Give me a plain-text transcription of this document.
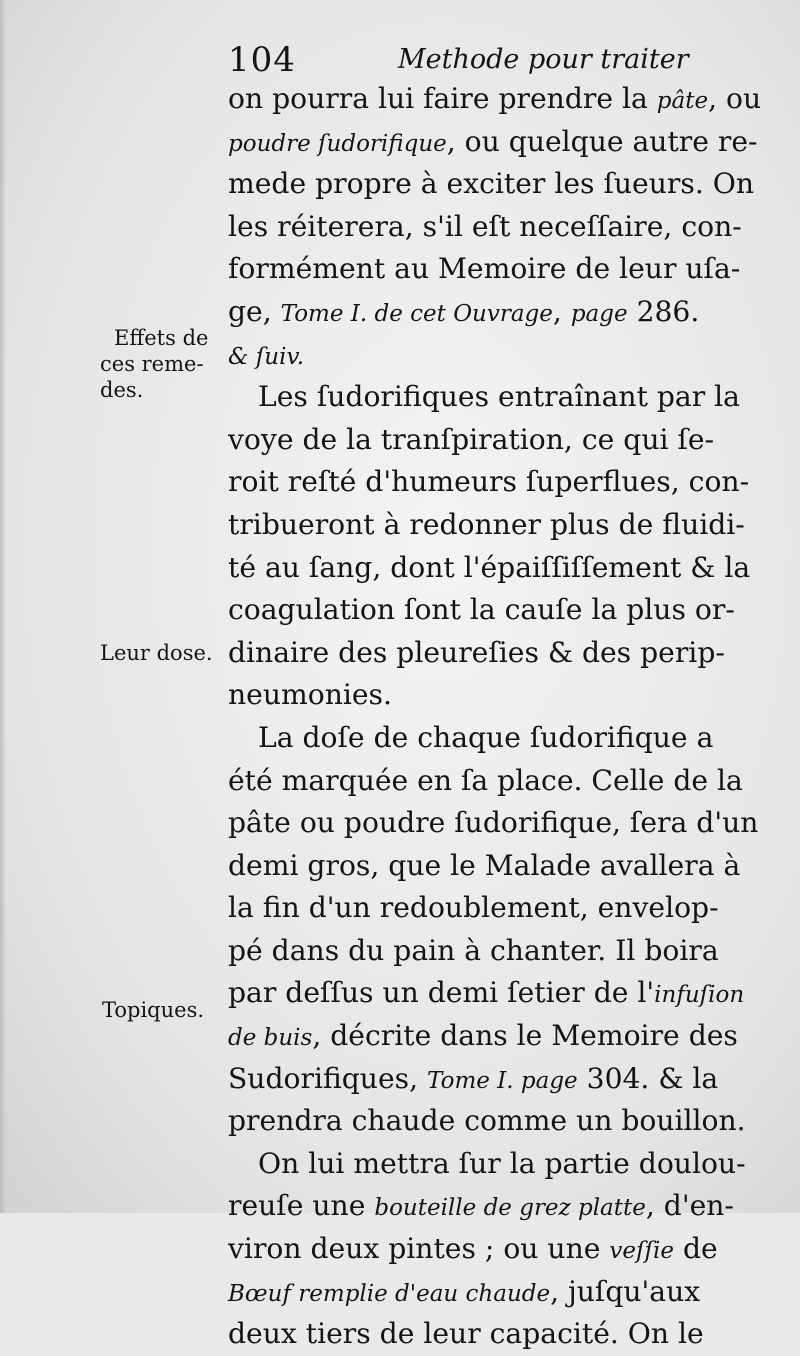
104	Methode pour traiter
Effets de
ces reme-
des.
Leur dose.
Topiques.
on pourra lui faire prendre la pâte, ou
poudre ſudorifique, ou quelque autre re-
mede propre à exciter les ſueurs. On
les réiterera, s'il eſt neceſſaire, con-
formément au Memoire de leur uſa-
ge, Tome I. de cet Ouvrage, page 286.
& ſuiv.
Les ſudorifiques entraînant par la
voye de la tranſpiration, ce qui ſe-
roit reſté d'humeurs ſuperflues, con-
tribueront à redonner plus de fluidi-
té au ſang, dont l'épaiſſiſſement & la
coagulation ſont la cauſe la plus or-
dinaire des pleureſies & des perip-
neumonies.
La doſe de chaque ſudorifique a
été marquée en ſa place. Celle de la
pâte ou poudre ſudorifique, ſera d'un
demi gros, que le Malade avallera à
la fin d'un redoublement, envelop-
pé dans du pain à chanter. Il boira
par deſſus un demi ſetier de l'infuſion
de buis, décrite dans le Memoire des
Sudorifiques, Tome I. page 304. & la
prendra chaude comme un bouillon.
On lui mettra ſur la partie doulou-
reuſe une bouteille de grez platte, d'en-
viron deux pintes ; ou une veſſie de
Bœuf remplie d'eau chaude, juſqu'aux
deux tiers de leur capacité. On le
